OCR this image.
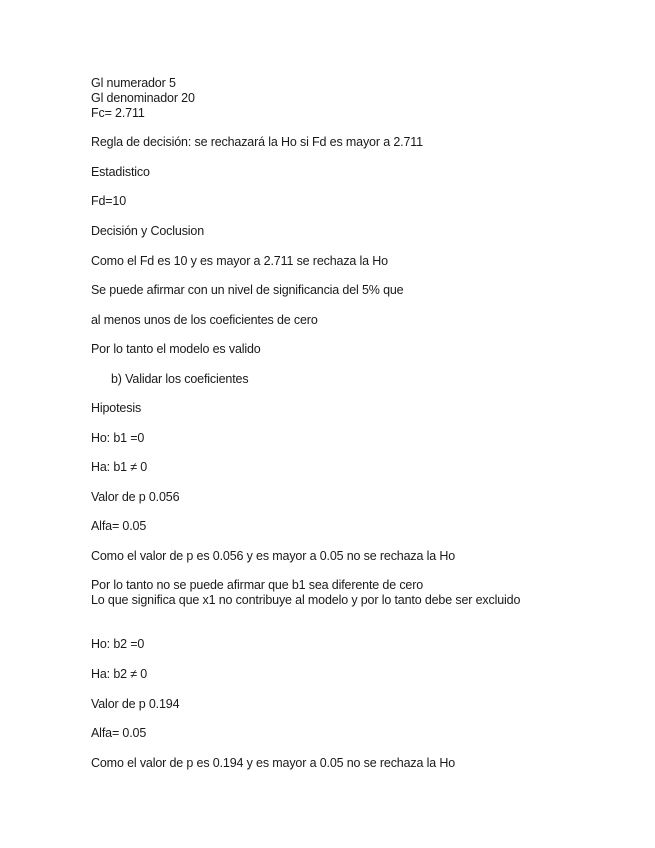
Gl numerador 5
Gl denominador 20
Fc= 2.711
Regla de decisión: se rechazará la Ho si Fd es mayor a 2.711
Estadistico
Fd=10
Decisión y Coclusion
Como el Fd es 10 y es mayor a 2.711 se rechaza la Ho
Se puede afirmar con un nivel de significancia del 5% que
al menos unos de los coeficientes de cero
Por lo tanto el modelo es valido
b) Validar los coeficientes
Hipotesis
Ho: b1 =0
Ha: b1 ≠ 0
Valor de p 0.056
Alfa= 0.05
Como el valor de p es 0.056 y es mayor a 0.05 no se rechaza la Ho
Por lo tanto no se puede afirmar que b1 sea diferente de cero
Lo que significa que x1 no contribuye al modelo y por lo tanto debe ser excluido
Ho: b2 =0
Ha: b2 ≠ 0
Valor de p 0.194
Alfa= 0.05
Como el valor de p es 0.194 y es mayor a 0.05 no se rechaza la Ho
